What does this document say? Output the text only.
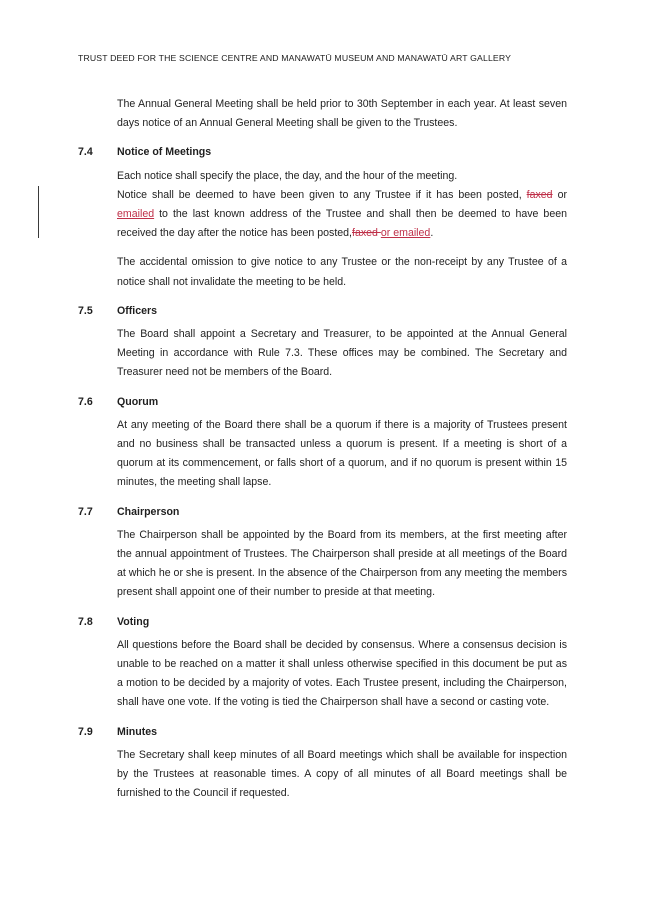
TRUST DEED FOR THE SCIENCE CENTRE AND MANAWATŪ MUSEUM AND MANAWATŪ ART GALLERY

The Annual General Meeting shall be held prior to 30th September in each year. At least seven days notice of an Annual General Meeting shall be given to the Trustees.

7.4 Notice of Meetings

Each notice shall specify the place, the day, and the hour of the meeting.
Notice shall be deemed to have been given to any Trustee if it has been posted, faxed or emailed to the last known address of the Trustee and shall then be deemed to have been received the day after the notice has been posted,faxed or emailed.

The accidental omission to give notice to any Trustee or the non-receipt by any Trustee of a notice shall not invalidate the meeting to be held.

7.5 Officers

The Board shall appoint a Secretary and Treasurer, to be appointed at the Annual General Meeting in accordance with Rule 7.3. These offices may be combined. The Secretary and Treasurer need not be members of the Board.

7.6 Quorum

At any meeting of the Board there shall be a quorum if there is a majority of Trustees present and no business shall be transacted unless a quorum is present. If a meeting is short of a quorum at its commencement, or falls short of a quorum, and if no quorum is present within 15 minutes, the meeting shall lapse.

7.7 Chairperson

The Chairperson shall be appointed by the Board from its members, at the first meeting after the annual appointment of Trustees. The Chairperson shall preside at all meetings of the Board at which he or she is present. In the absence of the Chairperson from any meeting the members present shall appoint one of their number to preside at that meeting.

7.8 Voting

All questions before the Board shall be decided by consensus. Where a consensus decision is unable to be reached on a matter it shall unless otherwise specified in this document be put as a motion to be decided by a majority of votes. Each Trustee present, including the Chairperson, shall have one vote. If the voting is tied the Chairperson shall have a second or casting vote.

7.9 Minutes

The Secretary shall keep minutes of all Board meetings which shall be available for inspection by the Trustees at reasonable times. A copy of all minutes of all Board meetings shall be furnished to the Council if requested.
